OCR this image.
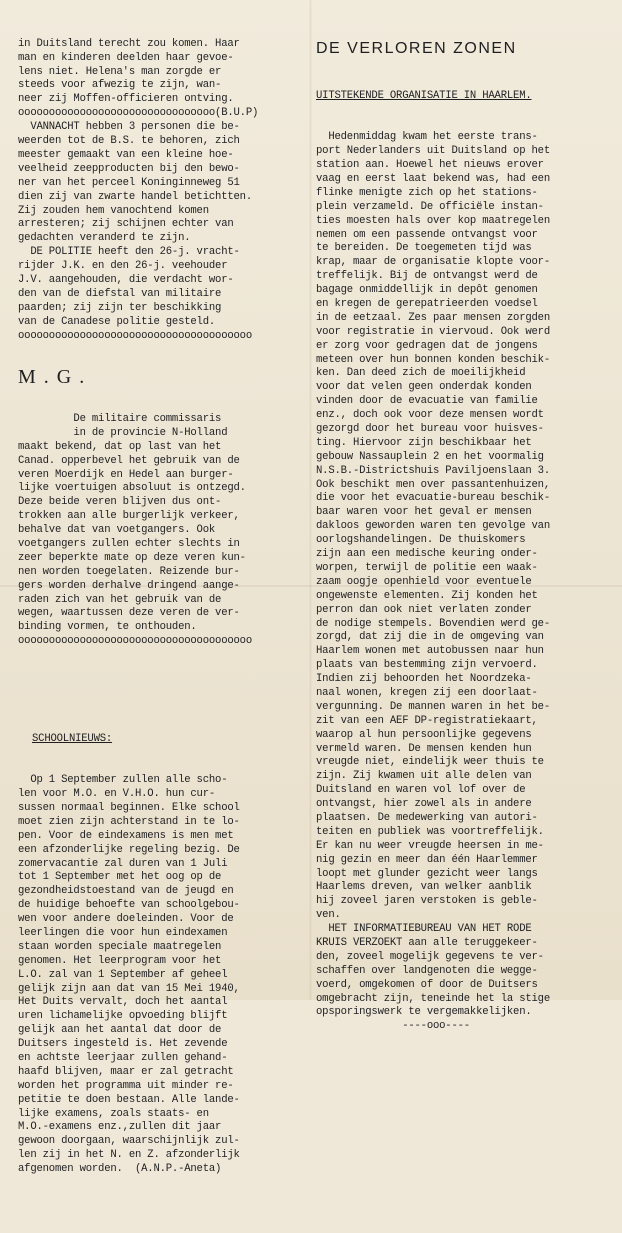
in Duitsland terecht zou komen. Haar
man en kinderen deelden haar gevoe-
lens niet. Helena's man zorgde er
steeds voor afwezig te zijn, wan-
neer zij Moffen-officieren ontving.
oooooooooooooooooooooooooooooooo(B.U.P)
VANNACHT hebben 3 personen die be-
weerden tot de B.S. te behoren, zich
meester gemaakt van een kleine hoe-
veelheid zeepproducten bij den bewo-
ner van het perceel Koninginneweg 51
dien zij van zwarte handel betichtten.
Zij zouden hem vanochtend komen
arresteren; zij schijnen echter van
gedachten veranderd te zijn.
DE POLITIE heeft den 26-j. vracht-
rijder J.K. en den 26-j. veehouder
J.V. aangehouden, die verdacht wor-
den van de diefstal van militaire
paarden; zij zijn ter beschikking
van de Canadese politie gesteld.
oooooooooooooooooooooooooooooooooooooo

M.G.

De militaire commissaris
in de provincie N-Holland
maakt bekend, dat op last van het
Canad. opperbevel het gebruik van de
veren Moerdijk en Hedel aan burger-
lijke voertuigen absoluut is ontzegd.
Deze beide veren blijven dus ont-
trokken aan alle burgerlijk verkeer,
behalve dat van voetgangers. Ook
voetgangers zullen echter slechts in
zeer beperkte mate op deze veren kun-
nen worden toegelaten. Reizende bur-
gers worden derhalve dringend aange-
raden zich van het gebruik van de
wegen, waartussen deze veren de ver-
binding vormen, te onthouden.
oooooooooooooooooooooooooooooooooooooo

SCHOOLNIEUWS:

Op 1 September zullen alle scho-
len voor M.O. en V.H.O. hun cur-
sussen normaal beginnen. Elke school
moet zien zijn achterstand in te lo-
pen. Voor de eindexamens is men met
een afzonderlijke regeling bezig. De
zomervacantie zal duren van 1 Juli
tot 1 September met het oog op de
gezondheidstoestand van de jeugd en
de huidige behoefte van schoolgebou-
wen voor andere doeleinden. Voor de
leerlingen die voor hun eindexamen
staan worden speciale maatregelen
genomen. Het leerprogram voor het
L.O. zal van 1 September af geheel
gelijk zijn aan dat van 15 Mei 1940,
Het Duits vervalt, doch het aantal
uren lichamelijke opvoeding blijft
gelijk aan het aantal dat door de
Duitsers ingesteld is. Het zevende
en achtste leerjaar zullen gehand-
haafd blijven, maar er zal getracht
worden het programma uit minder re-
petitie te doen bestaan. Alle lande-
lijke examens, zoals staats- en
M.O.-examens enz.,zullen dit jaar
gewoon doorgaan, waarschijnlijk zul-
len zij in het N. en Z. afzonderlijk
afgenomen worden.  (A.N.P.-Aneta)

DE VERLOREN ZONEN

UITSTEKENDE ORGANISATIE IN HAARLEM.

Hedenmiddag kwam het eerste trans-
port Nederlanders uit Duitsland op het
station aan. Hoewel het nieuws erover
vaag en eerst laat bekend was, had een
flinke menigte zich op het stations-
plein verzameld. De officiële instan-
ties moesten hals over kop maatregelen
nemen om een passende ontvangst voor
te bereiden. De toegemeten tijd was
krap, maar de organisatie klopte voor-
treffelijk. Bij de ontvangst werd de
bagage onmiddellijk in depôt genomen
en kregen de gerepatrieerden voedsel
in de eetzaal. Zes paar mensen zorgden
voor registratie in viervoud. Ook werd
er zorg voor gedragen dat de jongens
meteen over hun bonnen konden beschik-
ken. Dan deed zich de moeilijkheid
voor dat velen geen onderdak konden
vinden door de evacuatie van familie
enz., doch ook voor deze mensen wordt
gezorgd door het bureau voor huisves-
ting. Hiervoor zijn beschikbaar het
gebouw Nassauplein 2 en het voormalig
N.S.B.-Districtshuis Paviljoenslaan 3.
Ook beschikt men over passantenhuizen,
die voor het evacuatie-bureau beschik-
baar waren voor het geval er mensen
dakloos geworden waren ten gevolge van
oorlogshandelingen. De thuiskomers
zijn aan een medische keuring onder-
worpen, terwijl de politie een waak-
zaam oogje openhield voor eventuele
ongewenste elementen. Zij konden het
perron dan ook niet verlaten zonder
de nodige stempels. Bovendien werd ge-
zorgd, dat zij die in de omgeving van
Haarlem wonen met autobussen naar hun
plaats van bestemming zijn vervoerd.
Indien zij behoorden het Noordzeka-
naal wonen, kregen zij een doorlaat-
vergunning. De mannen waren in het be-
zit van een AEF DP-registratiekaart,
waarop al hun persoonlijke gegevens
vermeld waren. De mensen kenden hun
vreugde niet, eindelijk weer thuis te
zijn. Zij kwamen uit alle delen van
Duitsland en waren vol lof over de
ontvangst, hier zowel als in andere
plaatsen. De medewerking van autori-
teiten en publiek was voortreffelijk.
Er kan nu weer vreugde heersen in me-
nig gezin en meer dan één Haarlemmer
loopt met glunder gezicht weer langs
Haarlems dreven, van welker aanblik
hij zoveel jaren verstoken is geble-
ven.
HET INFORMATIEBUREAU VAN HET RODE
KRUIS VERZOEKT aan alle teruggekeer-
den, zoveel mogelijk gegevens te ver-
schaffen over landgenoten die wegge-
voerd, omgekomen of door de Duitsers
omgebracht zijn, teneinde het la stige
opsporingswerk te vergemakkelijken.
----ooo----
